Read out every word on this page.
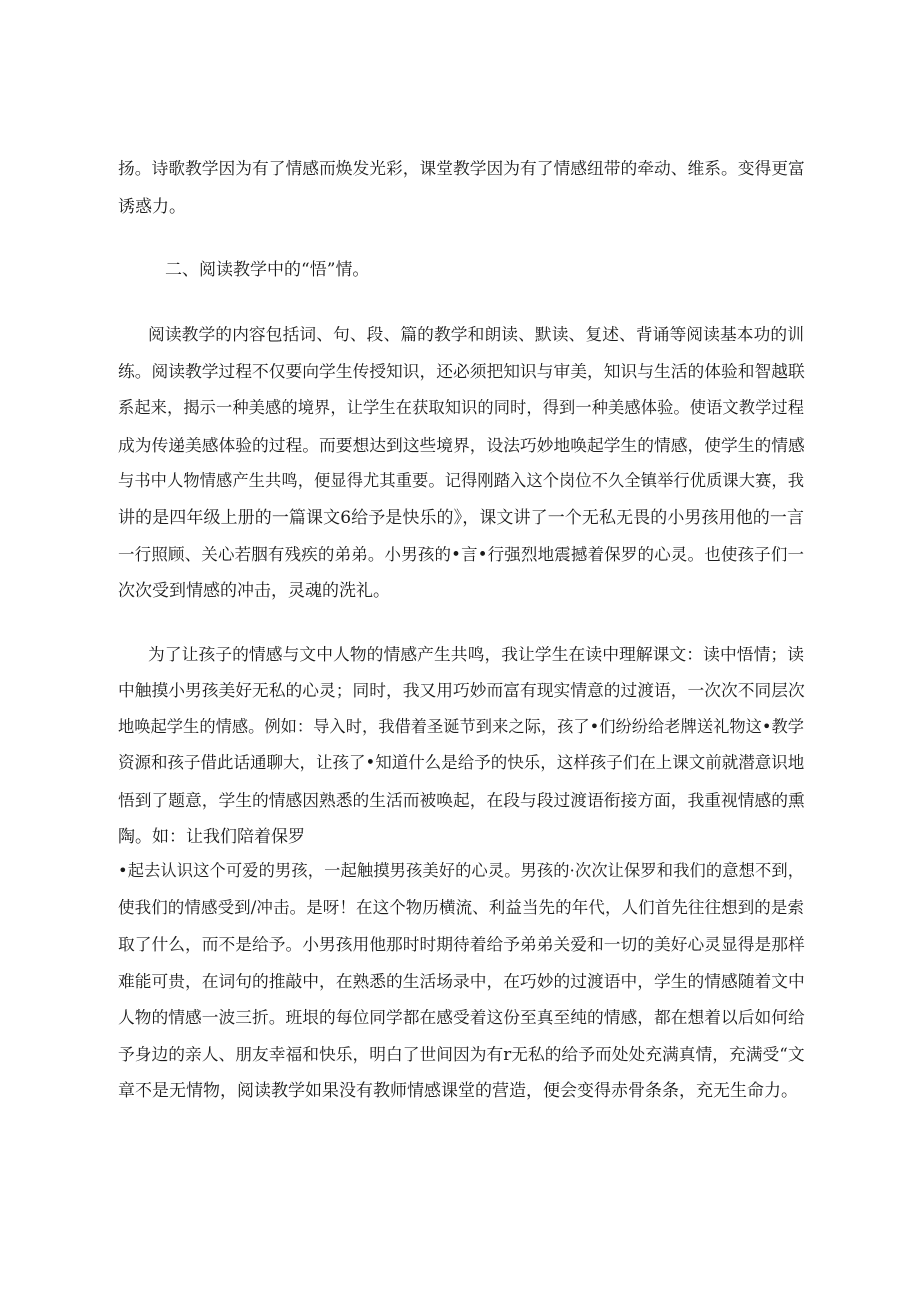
扬。诗歌教学因为有了情感而焕发光彩，课堂教学因为有了情感纽带的牵动、维系。变得更富
诱惑力。
二、阅读教学中的“悟”情。
阅读教学的内容包括词、句、段、篇的教学和朗读、默读、复述、背诵等阅读基本功的训
练。阅读教学过程不仅要向学生传授知识，还必须把知识与审美，知识与生活的体验和智越联
系起来，揭示一种美感的境界，让学生在获取知识的同时，得到一种美感体验。使语文教学过程
成为传递美感体验的过程。而要想达到这些境界，设法巧妙地唤起学生的情感，使学生的情感
与书中人物情感产生共鸣，便显得尤其重要。记得刚踏入这个岗位不久全镇举行优质课大赛，我
讲的是四年级上册的一篇课文6给予是快乐的》，课文讲了一个无私无畏的小男孩用他的一言
一行照顾、关心若胭有残疾的弟弟。小男孩的•言•行强烈地震撼着保罗的心灵。也使孩子们一
次次受到情感的冲击，灵魂的洗礼。
为了让孩子的情感与文中人物的情感产生共鸣，我让学生在读中理解课文：读中悟情；读
中触摸小男孩美好无私的心灵；同时，我又用巧妙而富有现实情意的过渡语，一次次不同层次
地唤起学生的情感。例如：导入时，我借着圣诞节到来之际，孩了•们纷纷给老牌送礼物这•教学
资源和孩子借此话通聊大，让孩了•知道什么是给予的快乐，这样孩子们在上课文前就潜意识地
悟到了题意，学生的情感因熟悉的生活而被唤起，在段与段过渡语衔接方面，我重视情感的熏
陶。如：让我们陪着保罗
•起去认识这个可爱的男孩，一起触摸男孩美好的心灵。男孩的·次次让保罗和我们的意想不到，
使我们的情感受到/冲击。是呀！在这个物历横流、利益当先的年代，人们首先往往想到的是索
取了什么，而不是给予。小男孩用他那时时期待着给予弟弟关爱和一切的美好心灵显得是那样
难能可贵，在词句的推敲中，在熟悉的生活场录中，在巧妙的过渡语中，学生的情感随着文中
人物的情感一波三折。班垠的每位同学都在感受着这份至真至纯的情感，都在想着以后如何给
予身边的亲人、朋友幸福和快乐，明白了世间因为有r无私的给予而处处充满真情，充满受“文
章不是无情物，阅读教学如果没有教师情感课堂的营造，便会变得赤骨条条，充无生命力。
